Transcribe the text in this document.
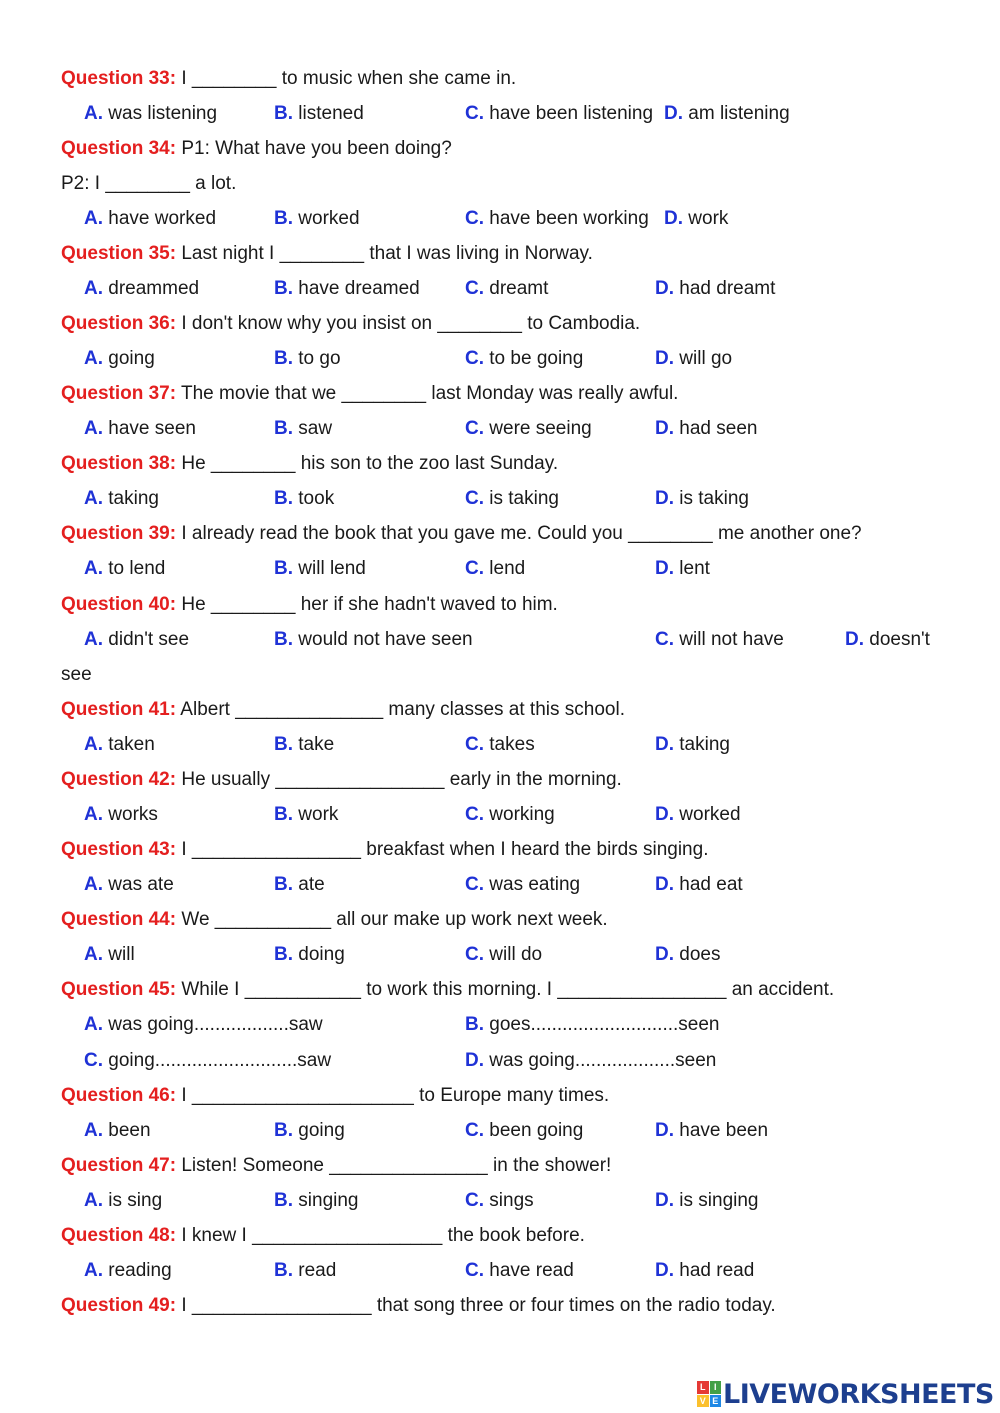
Question 33: I ________ to music when she came in.
A. was listening	B. listened	C. have been listening D. am listening
Question 34: P1: What have you been doing?
P2: I ________ a lot.
A. have worked	B. worked	C. have been working D. work
Question 35: Last night I ________ that I was living in Norway.
A. dreammed	B. have dreamed C. dreamt	D. had dreamt
Question 36: I don't know why you insist on ________ to Cambodia.
A. going	B. to go	C. to be going	D. will go
Question 37: The movie that we ________ last Monday was really awful.
A. have seen	B. saw	C. were seeing	D. had seen
Question 38: He ________ his son to the zoo last Sunday.
A. taking	B. took	C. is taking	D. is taking
Question 39: I already read the book that you gave me. Could you ________ me another one?
A. to lend	B. will lend	C. lend	D. lent
Question 40: He ________ her if she hadn't waved to him.
A. didn't see	B. would not have seen	C. will not have	D. doesn't
see
Question 41: Albert ______________ many classes at this school.
A. taken	B. take	C. takes	D. taking
Question 42: He usually ________________ early in the morning.
A. works	B. work	C. working	D. worked
Question 43: I ________________ breakfast when I heard the birds singing.
A. was ate	B. ate	C. was eating	D. had eat
Question 44: We ___________ all our make up work next week.
A. will	B. doing	C. will do	D. does
Question 45: While I ___________ to work this morning. I ________________ an accident.
A. was going..................saw	B. goes............................seen
C. going...........................saw	D. was going...................seen
Question 46: I _____________________ to Europe many times.
A. been	B. going	C. been going	D. have been
Question 47: Listen! Someone _______________ in the shower!
A. is sing	B. singing	C. sings	D. is singing
Question 48: I knew I __________________ the book before.
A. reading	B. read	C. have read	D. had read
Question 49: I _________________ that song three or four times on the radio today.
L I
V E LIVEWORKSHEETS
